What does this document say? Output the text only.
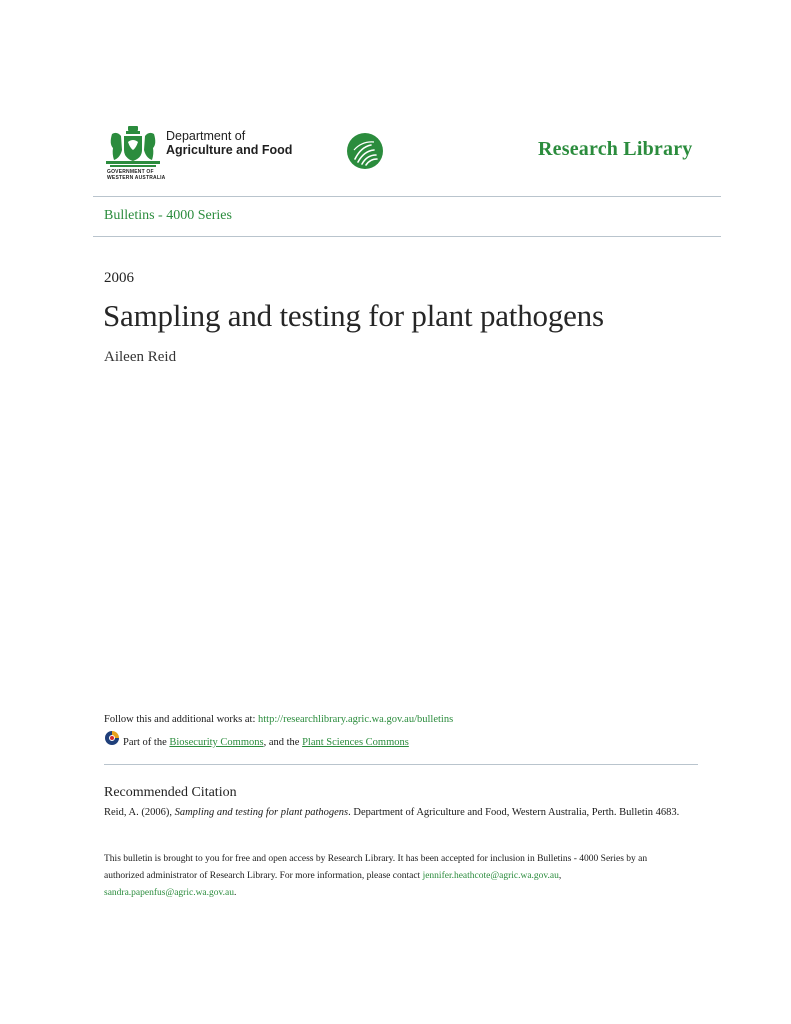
Department of
Agriculture and Food
GOVERNMENT OF
WESTERN AUSTRALIA
Research Library
Bulletins - 4000 Series
2006
Sampling and testing for plant pathogens
Aileen Reid
Follow this and additional works at: http://researchlibrary.agric.wa.gov.au/bulletins
Part of the Biosecurity Commons, and the Plant Sciences Commons
Recommended Citation
Reid, A. (2006), Sampling and testing for plant pathogens. Department of Agriculture and Food, Western Australia, Perth. Bulletin 4683.
This bulletin is brought to you for free and open access by Research Library. It has been accepted for inclusion in Bulletins - 4000 Series by an
authorized administrator of Research Library. For more information, please contact jennifer.heathcote@agric.wa.gov.au,
sandra.papenfus@agric.wa.gov.au.
